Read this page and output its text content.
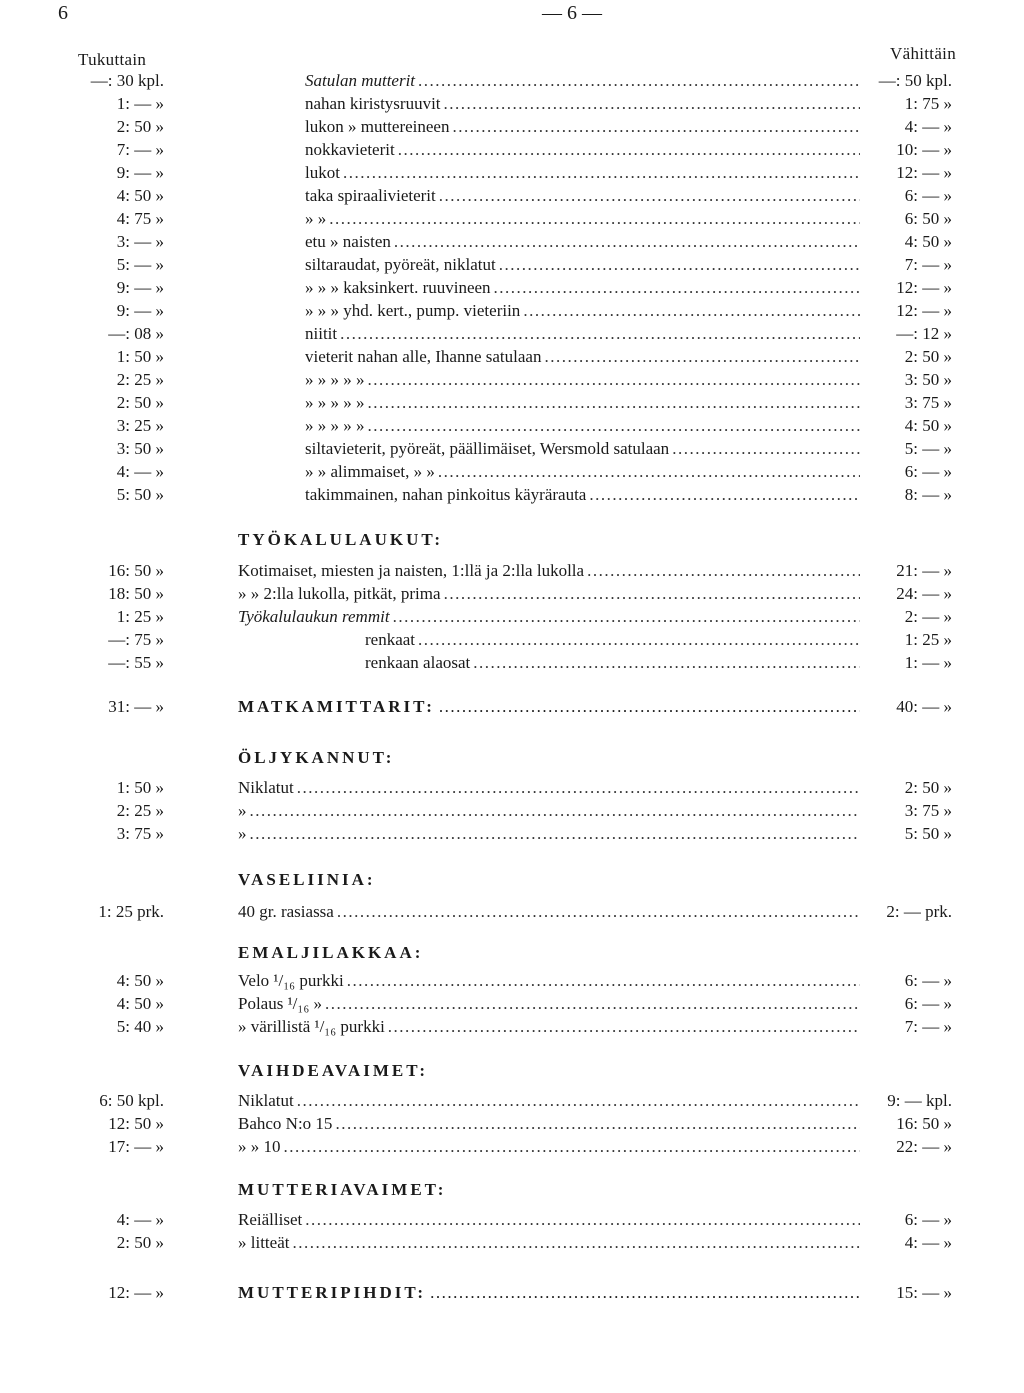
6	— 6 —
Tukuttain	Vähittäin
—: 30 kpl.	Satulan mutterit .....	—: 50 kpl.
1: — »	nahan kiristysruuvit .....	1: 75 »
2: 50 »	lukon » muttereineen .....	4: — »
7: — »	nokkavieterit .....	10: — »
9: — »	lukot .....	12: — »
4: 50 »	taka spiraalivieterit .....	6: — »
4: 75 »	» » .....	6: 50 »
3: — »	etu » naisten .....	4: 50 »
5: — »	siltaraudat, pyöreät, niklatut .....	7: — »
9: — »	» » » kaksinkert. ruuvineen .....	12: — »
9: — »	» » » yhd. kert., pump. vieteriin .....	12: — »
—: 08 »	niitit .....	—: 12 »
1: 50 »	vieterit nahan alle, Ihanne satulaan .....	2: 50 »
2: 25 »	» » » » » .....	3: 50 »
2: 50 »	» » » » » .....	3: 75 »
3: 25 »	» » » » » .....	4: 50 »
3: 50 »	siltavieterit, pyöreät, päällimäiset, Wersmold satulaan .....	5: — »
4: — »	» » alimmaiset, » » .....	6: — »
5: 50 »	takimmainen, nahan pinkoitus käyrärauta .....	8: — »
TYÖKALULAUKUT:
16: 50 »	Kotimaiset, miesten ja naisten, 1:llä ja 2:lla lukolla .....	21: — »
18: 50 »	» » 2:lla lukolla, pitkät, prima .....	24: — »
1: 25 »	Työkalulaukun remmit .....	2: — »
—: 75 »	renkaat .....	1: 25 »
—: 55 »	renkaan alaosat .....	1: — »
31: — »	MATKAMITTARIT: .....	40: — »
ÖLJYKANNUT:
1: 50 »	Niklatut .....	2: 50 »
2: 25 »	» .....	3: 75 »
3: 75 »	» .....	5: 50 »
VASELIINIA:
1: 25 prk.	40 gr. rasiassa .....	2: — prk.
EMALJILAKKAA:
4: 50 »	Velo ¹/₁₆ purkki .....	6: — »
4: 50 »	Polaus ¹/₁₆ » .....	6: — »
5: 40 »	» värillistä ¹/₁₆ purkki .....	7: — »
VAIHDEAVAIMET:
6: 50 kpl.	Niklatut .....	9: — kpl.
12: 50 »	Bahco N:o 15 .....	16: 50 »
17: — »	» » 10 .....	22: — »
MUTTERIAVAIMET:
4: — »	Reiälliset .....	6: — »
2: 50 »	» litteät .....	4: — »
12: — »	MUTTERIPIHDIT: .....	15: — »
